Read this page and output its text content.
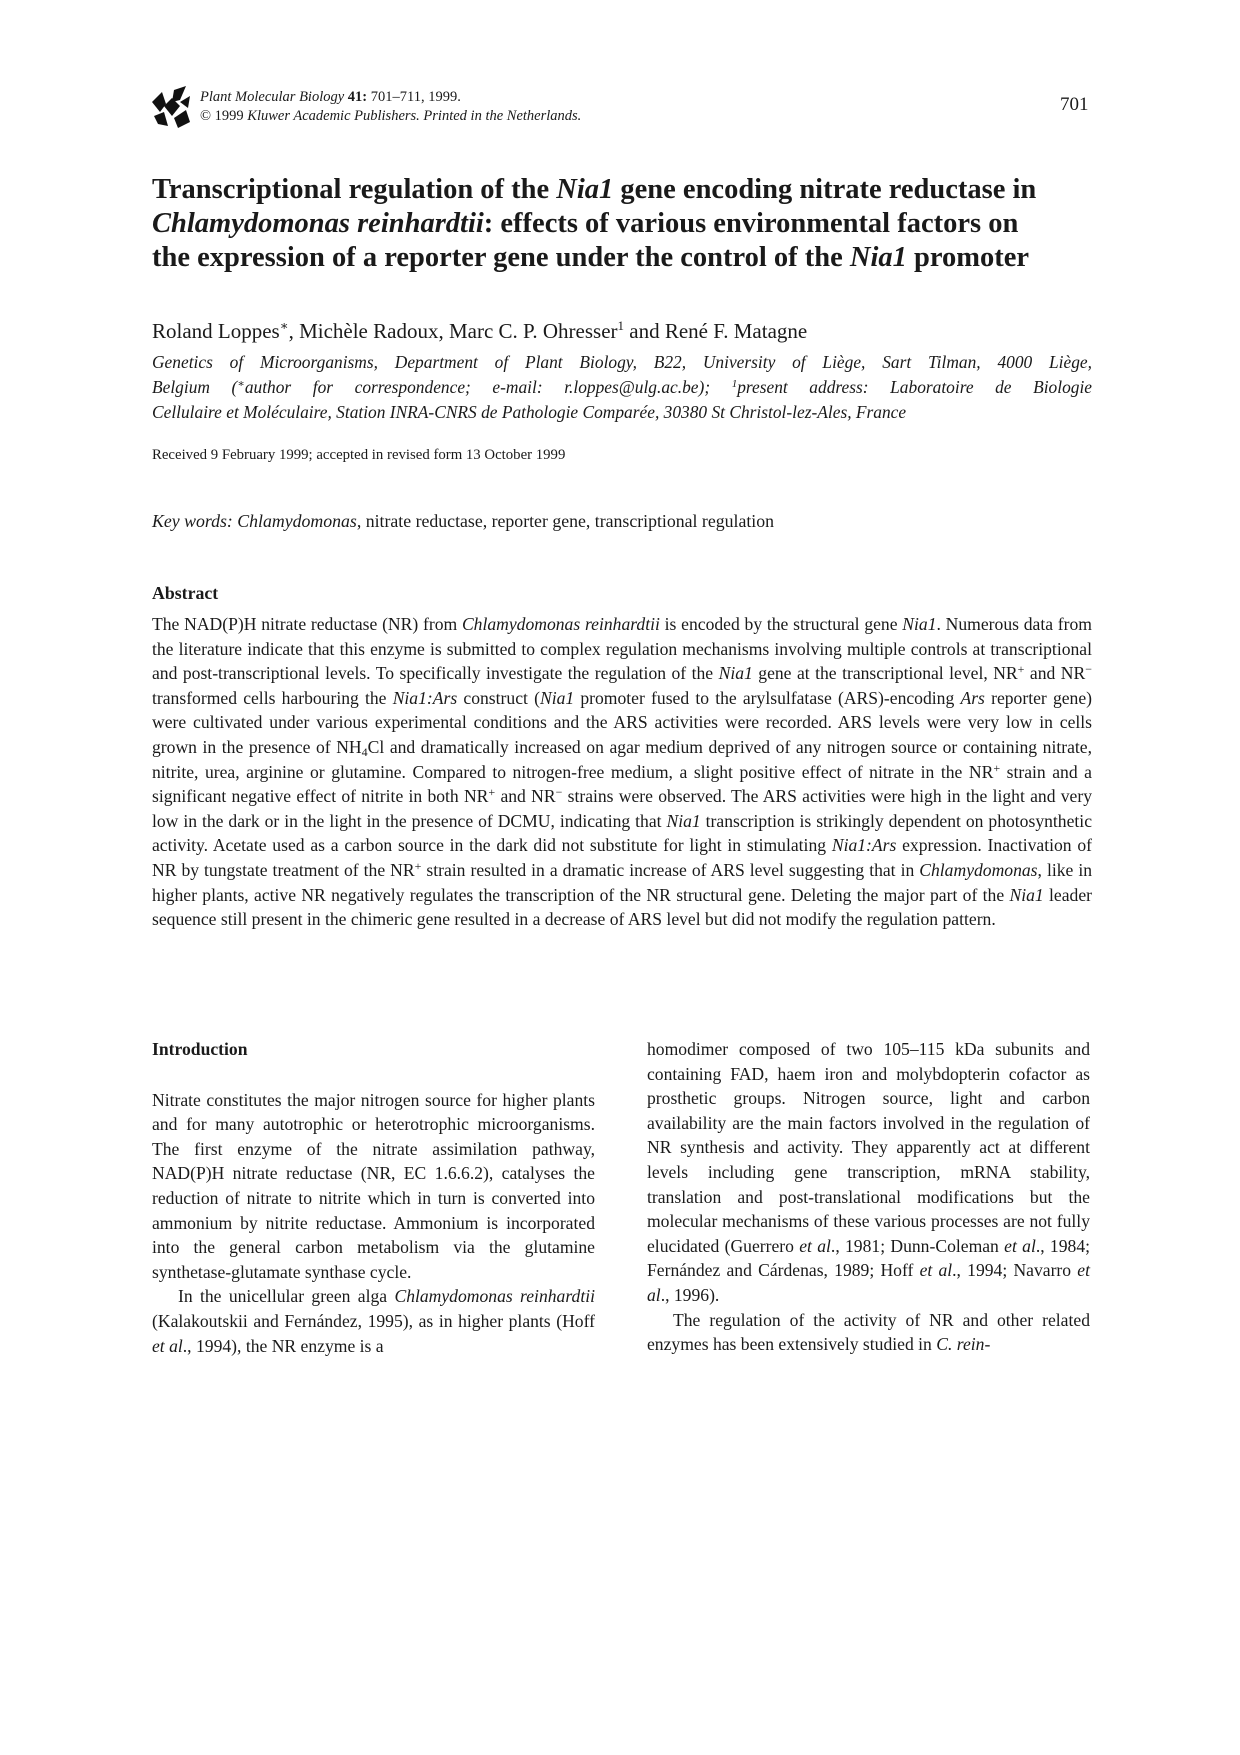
Plant Molecular Biology 41: 701–711, 1999.
© 1999 Kluwer Academic Publishers. Printed in the Netherlands.
701
Transcriptional regulation of the Nia1 gene encoding nitrate reductase in
Chlamydomonas reinhardtii: effects of various environmental factors on
the expression of a reporter gene under the control of the Nia1 promoter
Roland Loppes∗, Michèle Radoux, Marc C. P. Ohresser$^1$ and René F. Matagne
Genetics of Microorganisms, Department of Plant Biology, B22, University of Liège, Sart Tilman, 4000 Liège,
Belgium (∗author for correspondence; e-mail: r.loppes@ulg.ac.be); $^1$present address: Laboratoire de Biologie
Cellulaire et Moléculaire, Station INRA-CNRS de Pathologie Comparée, 30380 St Christol-lez-Ales, France
Received 9 February 1999; accepted in revised form 13 October 1999
Key words: Chlamydomonas, nitrate reductase, reporter gene, transcriptional regulation
Abstract
The NAD(P)H nitrate reductase (NR) from Chlamydomonas reinhardtii is encoded by the structural gene Nia1. Numerous data from the literature indicate that this enzyme is submitted to complex regulation mechanisms involving multiple controls at transcriptional and post-transcriptional levels. To specifically investigate the regulation of the Nia1 gene at the transcriptional level, NR+ and NR− transformed cells harbouring the Nia1:Ars construct (Nia1 promoter fused to the arylsulfatase (ARS)-encoding Ars reporter gene) were cultivated under various experimental conditions and the ARS activities were recorded. ARS levels were very low in cells grown in the presence of $NH_4Cl$ and dramatically increased on agar medium deprived of any nitrogen source or containing nitrate, nitrite, urea, arginine or glutamine. Compared to nitrogen-free medium, a slight positive effect of nitrate in the NR+ strain and a significant negative effect of nitrite in both NR+ and NR− strains were observed. The ARS activities were high in the light and very low in the dark or in the light in the presence of DCMU, indicating that Nia1 transcription is strikingly dependent on photosynthetic activity. Acetate used as a carbon source in the dark did not substitute for light in stimulating Nia1:Ars expression. Inactivation of NR by tungstate treatment of the NR+ strain resulted in a dramatic increase of ARS level suggesting that in Chlamydomonas, like in higher plants, active NR negatively regulates the transcription of the NR structural gene. Deleting the major part of the Nia1 leader sequence still present in the chimeric gene resulted in a decrease of ARS level but did not modify the regulation pattern.
Introduction

Nitrate constitutes the major nitrogen source for higher plants and for many autotrophic or heterotrophic microorganisms. The first enzyme of the nitrate assimilation pathway, NAD(P)H nitrate reductase (NR, EC 1.6.6.2), catalyses the reduction of nitrate to nitrite which in turn is converted into ammonium by nitrite reductase. Ammonium is incorporated into the general carbon metabolism via the glutamine synthetase-glutamate synthase cycle.

In the unicellular green alga Chlamydomonas reinhardtii (Kalakoutskii and Fernández, 1995), as in higher plants (Hoff et al., 1994), the NR enzyme is a

homodimer composed of two 105–115 kDa subunits and containing FAD, haem iron and molybdopterin cofactor as prosthetic groups. Nitrogen source, light and carbon availability are the main factors involved in the regulation of NR synthesis and activity. They apparently act at different levels including gene transcription, mRNA stability, translation and post-translational modifications but the molecular mechanisms of these various processes are not fully elucidated (Guerrero et al., 1981; Dunn-Coleman et al., 1984; Fernández and Cárdenas, 1989; Hoff et al., 1994; Navarro et al., 1996).

The regulation of the activity of NR and other related enzymes has been extensively studied in C. rein-
